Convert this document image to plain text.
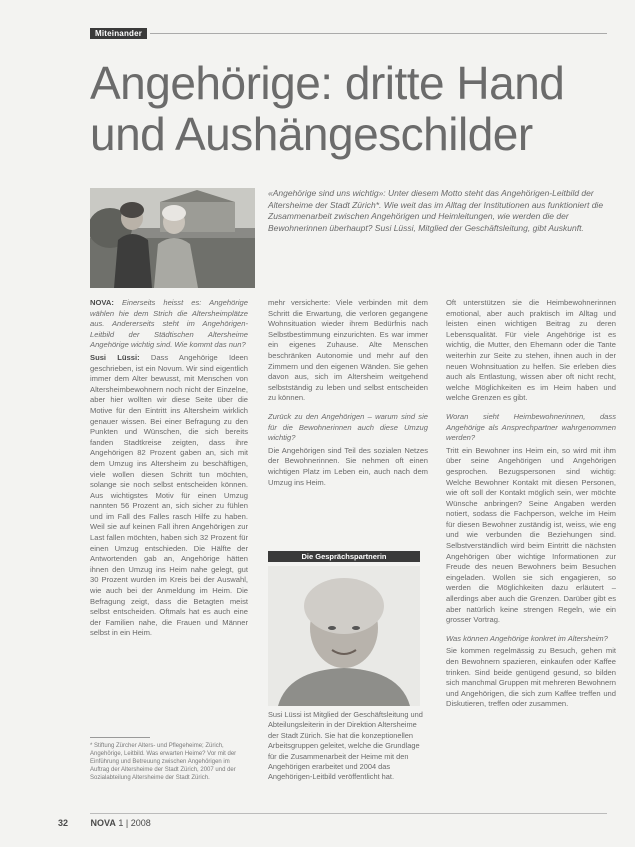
Miteinander
Angehörige: dritte Hand
und Aushängeschilder
«Angehörige sind uns wichtig»: Unter diesem Motto steht das Angehörigen-Leitbild der Altersheime der Stadt Zürich*. Wie weit das im Alltag der Institutionen aus funktioniert die Zusammenarbeit zwischen Angehörigen und Heimleitungen, wie werden die der Bewohnerinnen überhaupt? Susi Lüssi, Mitglied der Geschäftsleitung, gibt Auskunft.

NOVA: Einerseits heisst es: Angehörige wählen hie dem Strich die Altersheimplätze aus. Andererseits steht im Angehörigen-Leitbild der Städtischen Altersheime Angehörige wichtig sind. Wie kommt das nun?

Susi Lüssi: Dass Angehörige Ideen geschrieben, ist ein Novum. Wir sind eigentlich immer dem Alter bewusst, mit Menschen von Altersheimbewohnern noch nicht der Einzelne, aber hier wollten wir diese Seite über die Motive für den Eintritt ins Altersheim wirklich genauer wissen. Bei einer Befragung zu den Punkten und Wünschen, die sich bereits fanden Stadtkreise zeigten, dass ihre Angehörigen 82 Prozent gaben an, sich mit dem Umzug ins Altersheim zu beschäftigen, viele wollen diesen Schritt tun möchten, solange sie noch selbst entscheiden können. Aus wichtigstes Motiv für einen Umzug nannten 56 Prozent an, sich sicher zu fühlen und im Fall des Falles rasch Hilfe zu haben. Weil sie auf keinen Fall ihren Angehörigen zur Last fallen möchten, haben sich 32 Prozent für einen Umzug entschieden. Die Hälfte der Antwortenden gab an, Angehörige hätten ihnen den Umzug ins Heim nahe gelegt, gut 30 Prozent wurden im Kreis bei der Auswahl, wie auch bei der Anmeldung im Heim. Die Befragung zeigt, dass die Betagten meist selbst entscheiden. Oftmals hat es auch eine der Familien nahe, die Frauen und Männer selbst in ein Heim.

mehr versicherte: Viele verbinden mit dem Schritt die Erwartung, die verloren gegangene Wohnsituation wieder ihrem Bedürfnis nach Selbstbestimmung einzurichten. Es war immer ein eigenes Zuhause. Alte Menschen beschränken Autonomie und mehr auf den Zimmern und den eigenen Wänden. Sie gehen davon aus, sich im Altersheim weitgehend selbstständig zu leben und selbst entscheiden zu können.

Zurück zu den Angehörigen – warum sind sie für die Bewohnerinnen auch diese Umzug wichtig?

Die Angehörigen sind Teil des sozialen Netzes der Bewohnerinnen. Sie nehmen oft einen wichtigen Platz im Leben ein, auch nach dem Umzug ins Heim.

Die Gesprächspartnerin
Susi Lüssi ist Mitglied der Geschäftsleitung und Abteilungsleiterin in der Direktion Altersheime der Stadt Zürich. Sie hat die konzeptionellen Arbeitsgruppen geleitet, welche die Grundlage für die Zusammenarbeit der Heime mit den Angehörigen erarbeitet und 2004 das Angehörigen-Leitbild veröffentlicht hat.

Oft unterstützen sie die Heimbewohnerinnen emotional, aber auch praktisch im Alltag und leisten einen wichtigen Beitrag zu deren Lebensqualität. Für viele Angehörige ist es wichtig, die Mutter, den Ehemann oder die Tante weiterhin zur Seite zu stehen, ihnen auch in der neuen Wohnsituation zu helfen. Sie erleben dies auch als Entlastung, wissen aber oft nicht recht, welche Möglichkeiten es im Heim haben und welche Grenzen es gibt.

Woran sieht Heimbewohnerinnen, dass Angehörige als Ansprechpartner wahrgenommen werden?

Tritt ein Bewohner ins Heim ein, so wird mit ihm über seine Angehörigen und Angehörigen gesprochen. Bezugspersonen sind wichtig: Welche Bewohner Kontakt mit diesen Personen, wie oft soll der Kontakt möglich sein, wer möchte Wünsche anbringen? Seine Angaben werden notiert, sodass die Fachperson, welche im Heim für diesen Bewohner zuständig ist, weiss, wie eng und wie verbunden die Beziehungen sind. Selbstverständlich wird beim Eintritt die nächsten Angehörigen über wichtige Informationen zur Freude des neuen Bewohners beim Besuchen eingeladen. Wollen sie sich engagieren, so werden die Möglichkeiten dazu erläutert – allerdings aber auch die Grenzen. Darüber gibt es aber natürlich keine strengen Regeln, wie ein grosser Vortrag.

Was können Angehörige konkret im Altersheim?

Sie kommen regelmässig zu Besuch, gehen mit den Bewohnern spazieren, einkaufen oder Kaffee trinken. Sind beide genügend gesund, so bilden sich manchmal Gruppen mit mehreren Bewohnern und Angehörigen, die sich zum Kaffee treffen und Diskutieren, treffen oder zusammen.

* Stiftung Zürcher Alters- und Pflegeheime; Zürich, Angehörige, Leitbild. Was erwarten Heime? Vor mit der Einführung und Betreuung zwischen Angehörigen im Auftrag der Altersheime der Stadt Zürich, 2007 und der Sozialabteilung Altersheime der Stadt Zürich.
32	NOVA 1 | 2008
